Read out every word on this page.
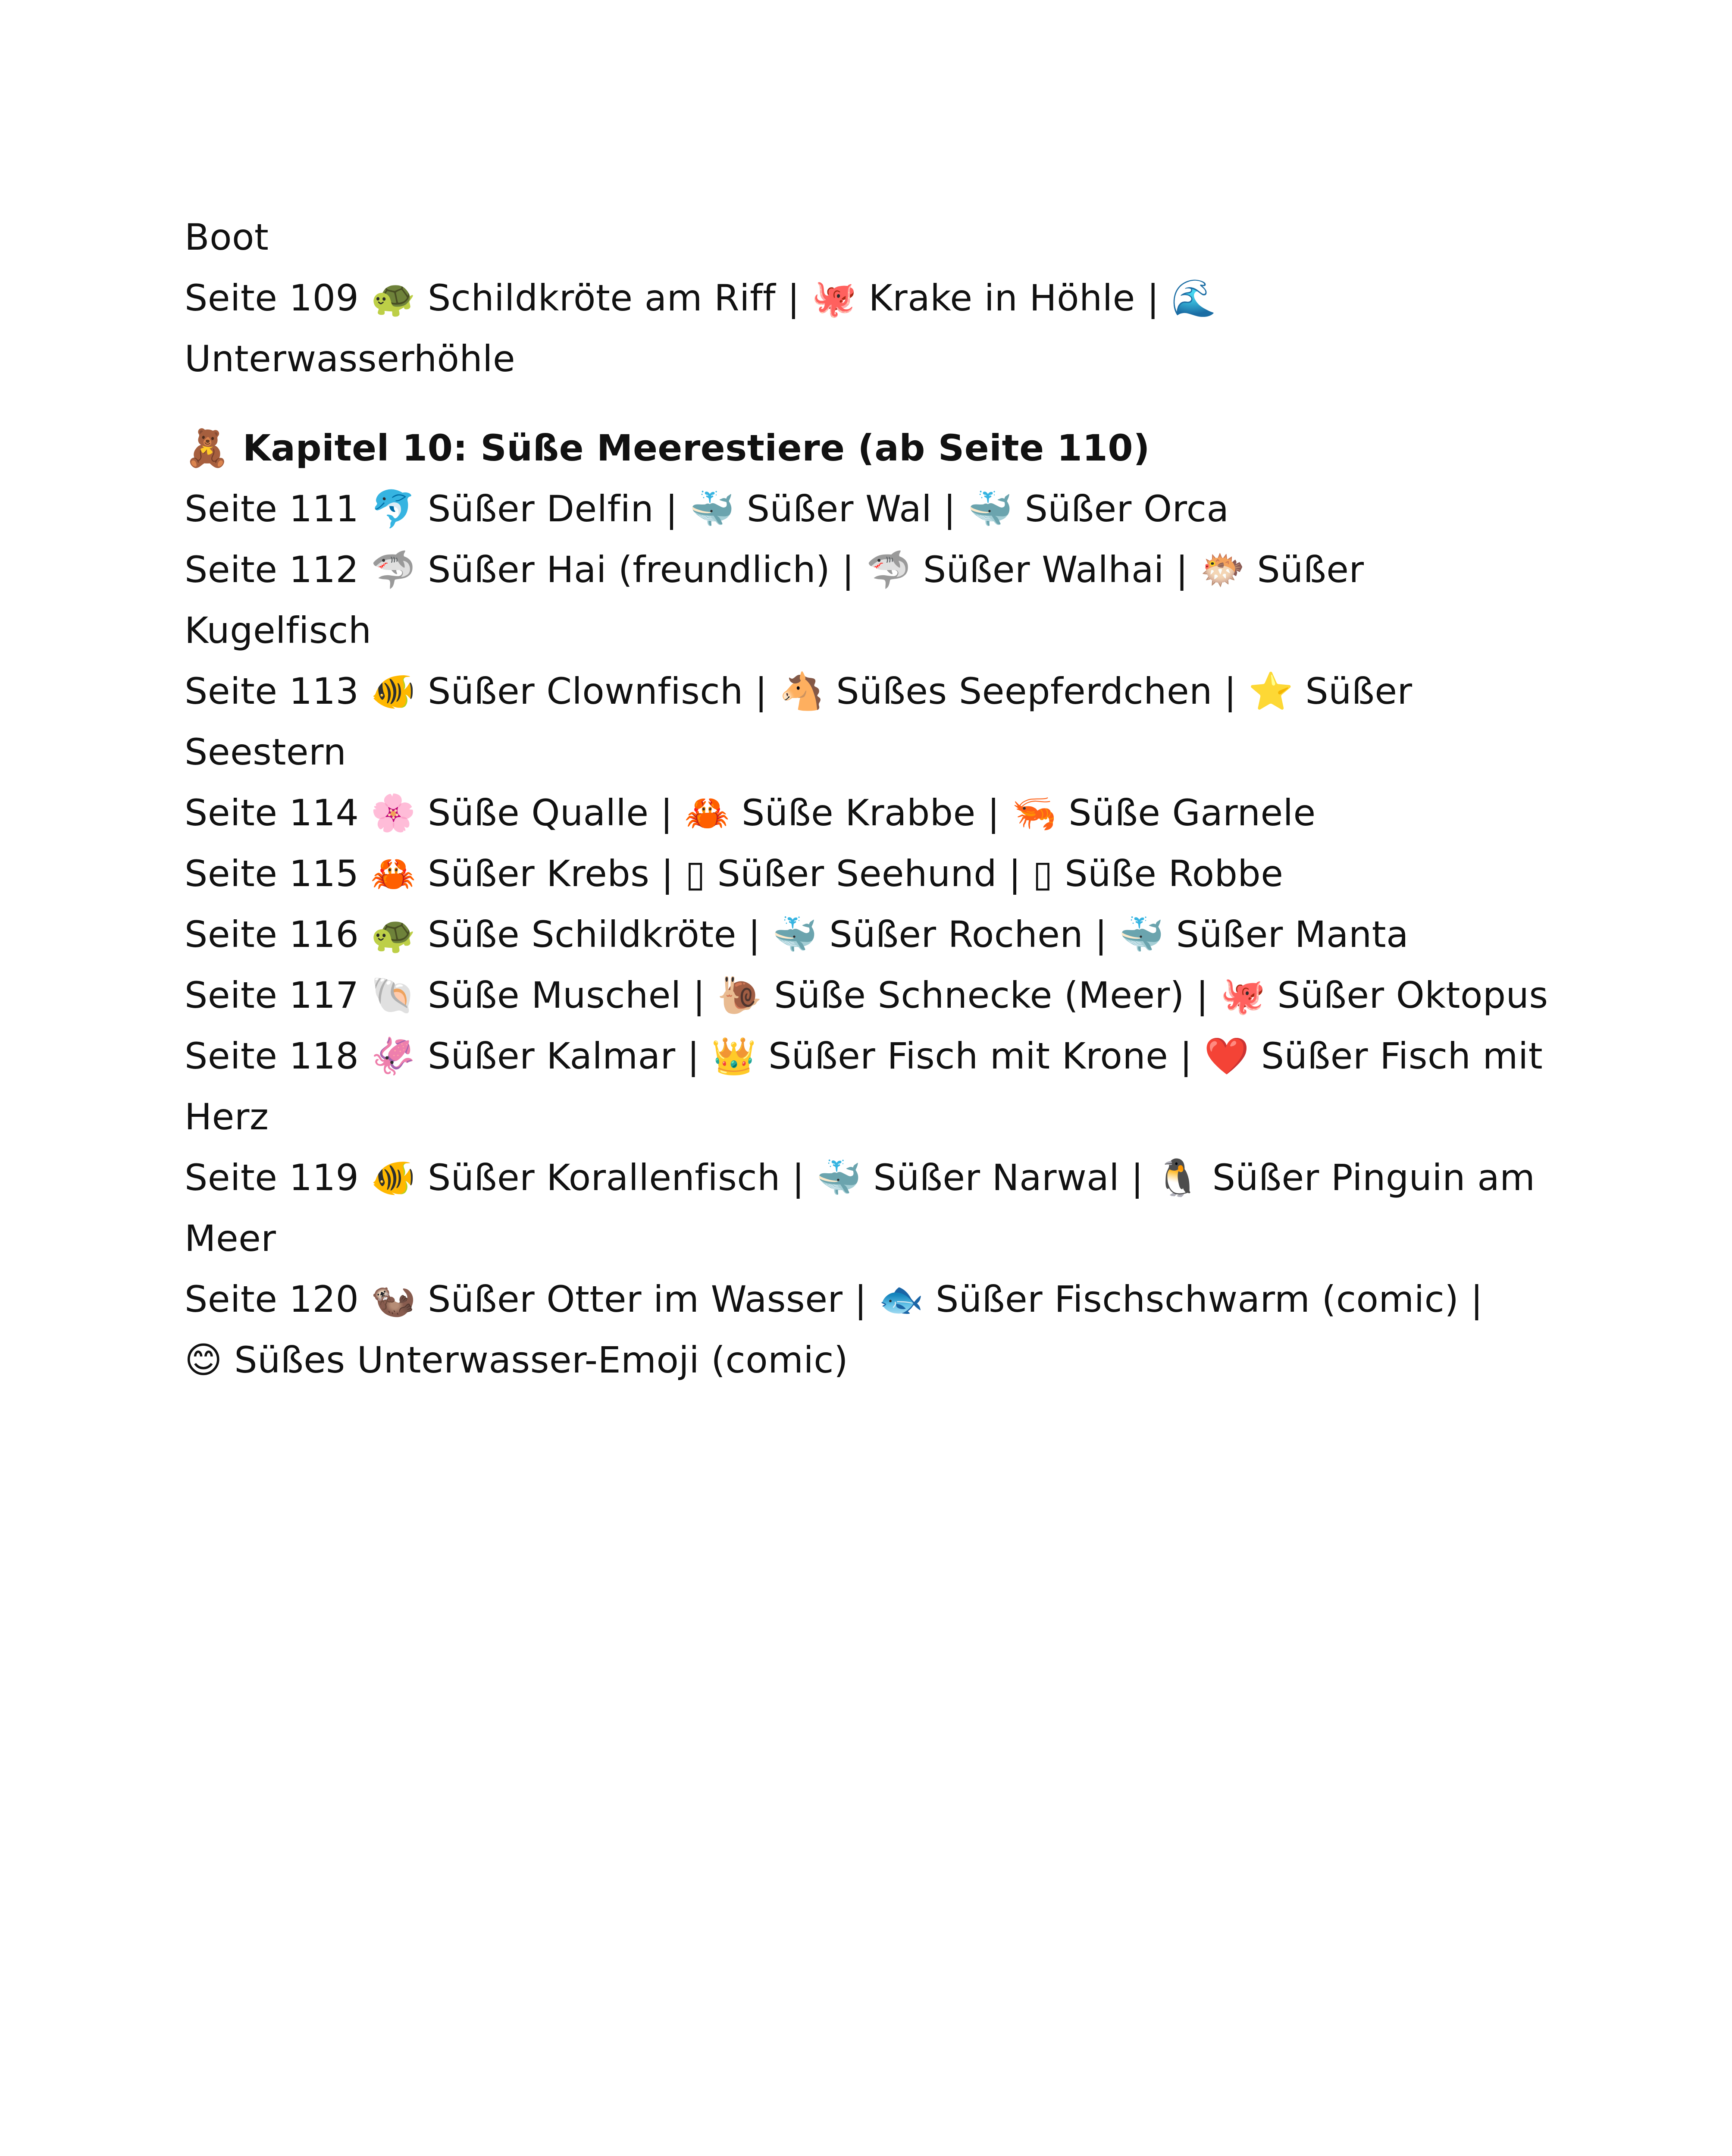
Boot
Seite 109 🐢 Schildkröte am Riff | 🐙 Krake in Höhle | 🌊
Unterwasserhöhle
🧸 Kapitel 10: Süße Meerestiere (ab Seite 110)
Seite 111 🐬 Süßer Delfin | 🐳 Süßer Wal | 🐳 Süßer Orca
Seite 112 🦈 Süßer Hai (freundlich) | 🦈 Süßer Walhai | 🐡 Süßer
Kugelfisch
Seite 113 🐠 Süßer Clownfisch | 🐴 Süßes Seepferdchen | ⭐ Süßer
Seestern
Seite 114 🌸 Süße Qualle | 🦀 Süße Krabbe | 🦐 Süße Garnele
Seite 115 🦀 Süßer Krebs | ▯ Süßer Seehund | ▯ Süße Robbe
Seite 116 🐢 Süße Schildkröte | 🐳 Süßer Rochen | 🐳 Süßer Manta
Seite 117 🐚 Süße Muschel | 🐌 Süße Schnecke (Meer) | 🐙 Süßer Oktopus
Seite 118 🦑 Süßer Kalmar | 👑 Süßer Fisch mit Krone | ❤️ Süßer Fisch mit
Herz
Seite 119 🐠 Süßer Korallenfisch | 🐳 Süßer Narwal | 🐧 Süßer Pinguin am
Meer
Seite 120 🦦 Süßer Otter im Wasser | 🐟 Süßer Fischschwarm (comic) |
😊 Süßes Unterwasser-Emoji (comic)
